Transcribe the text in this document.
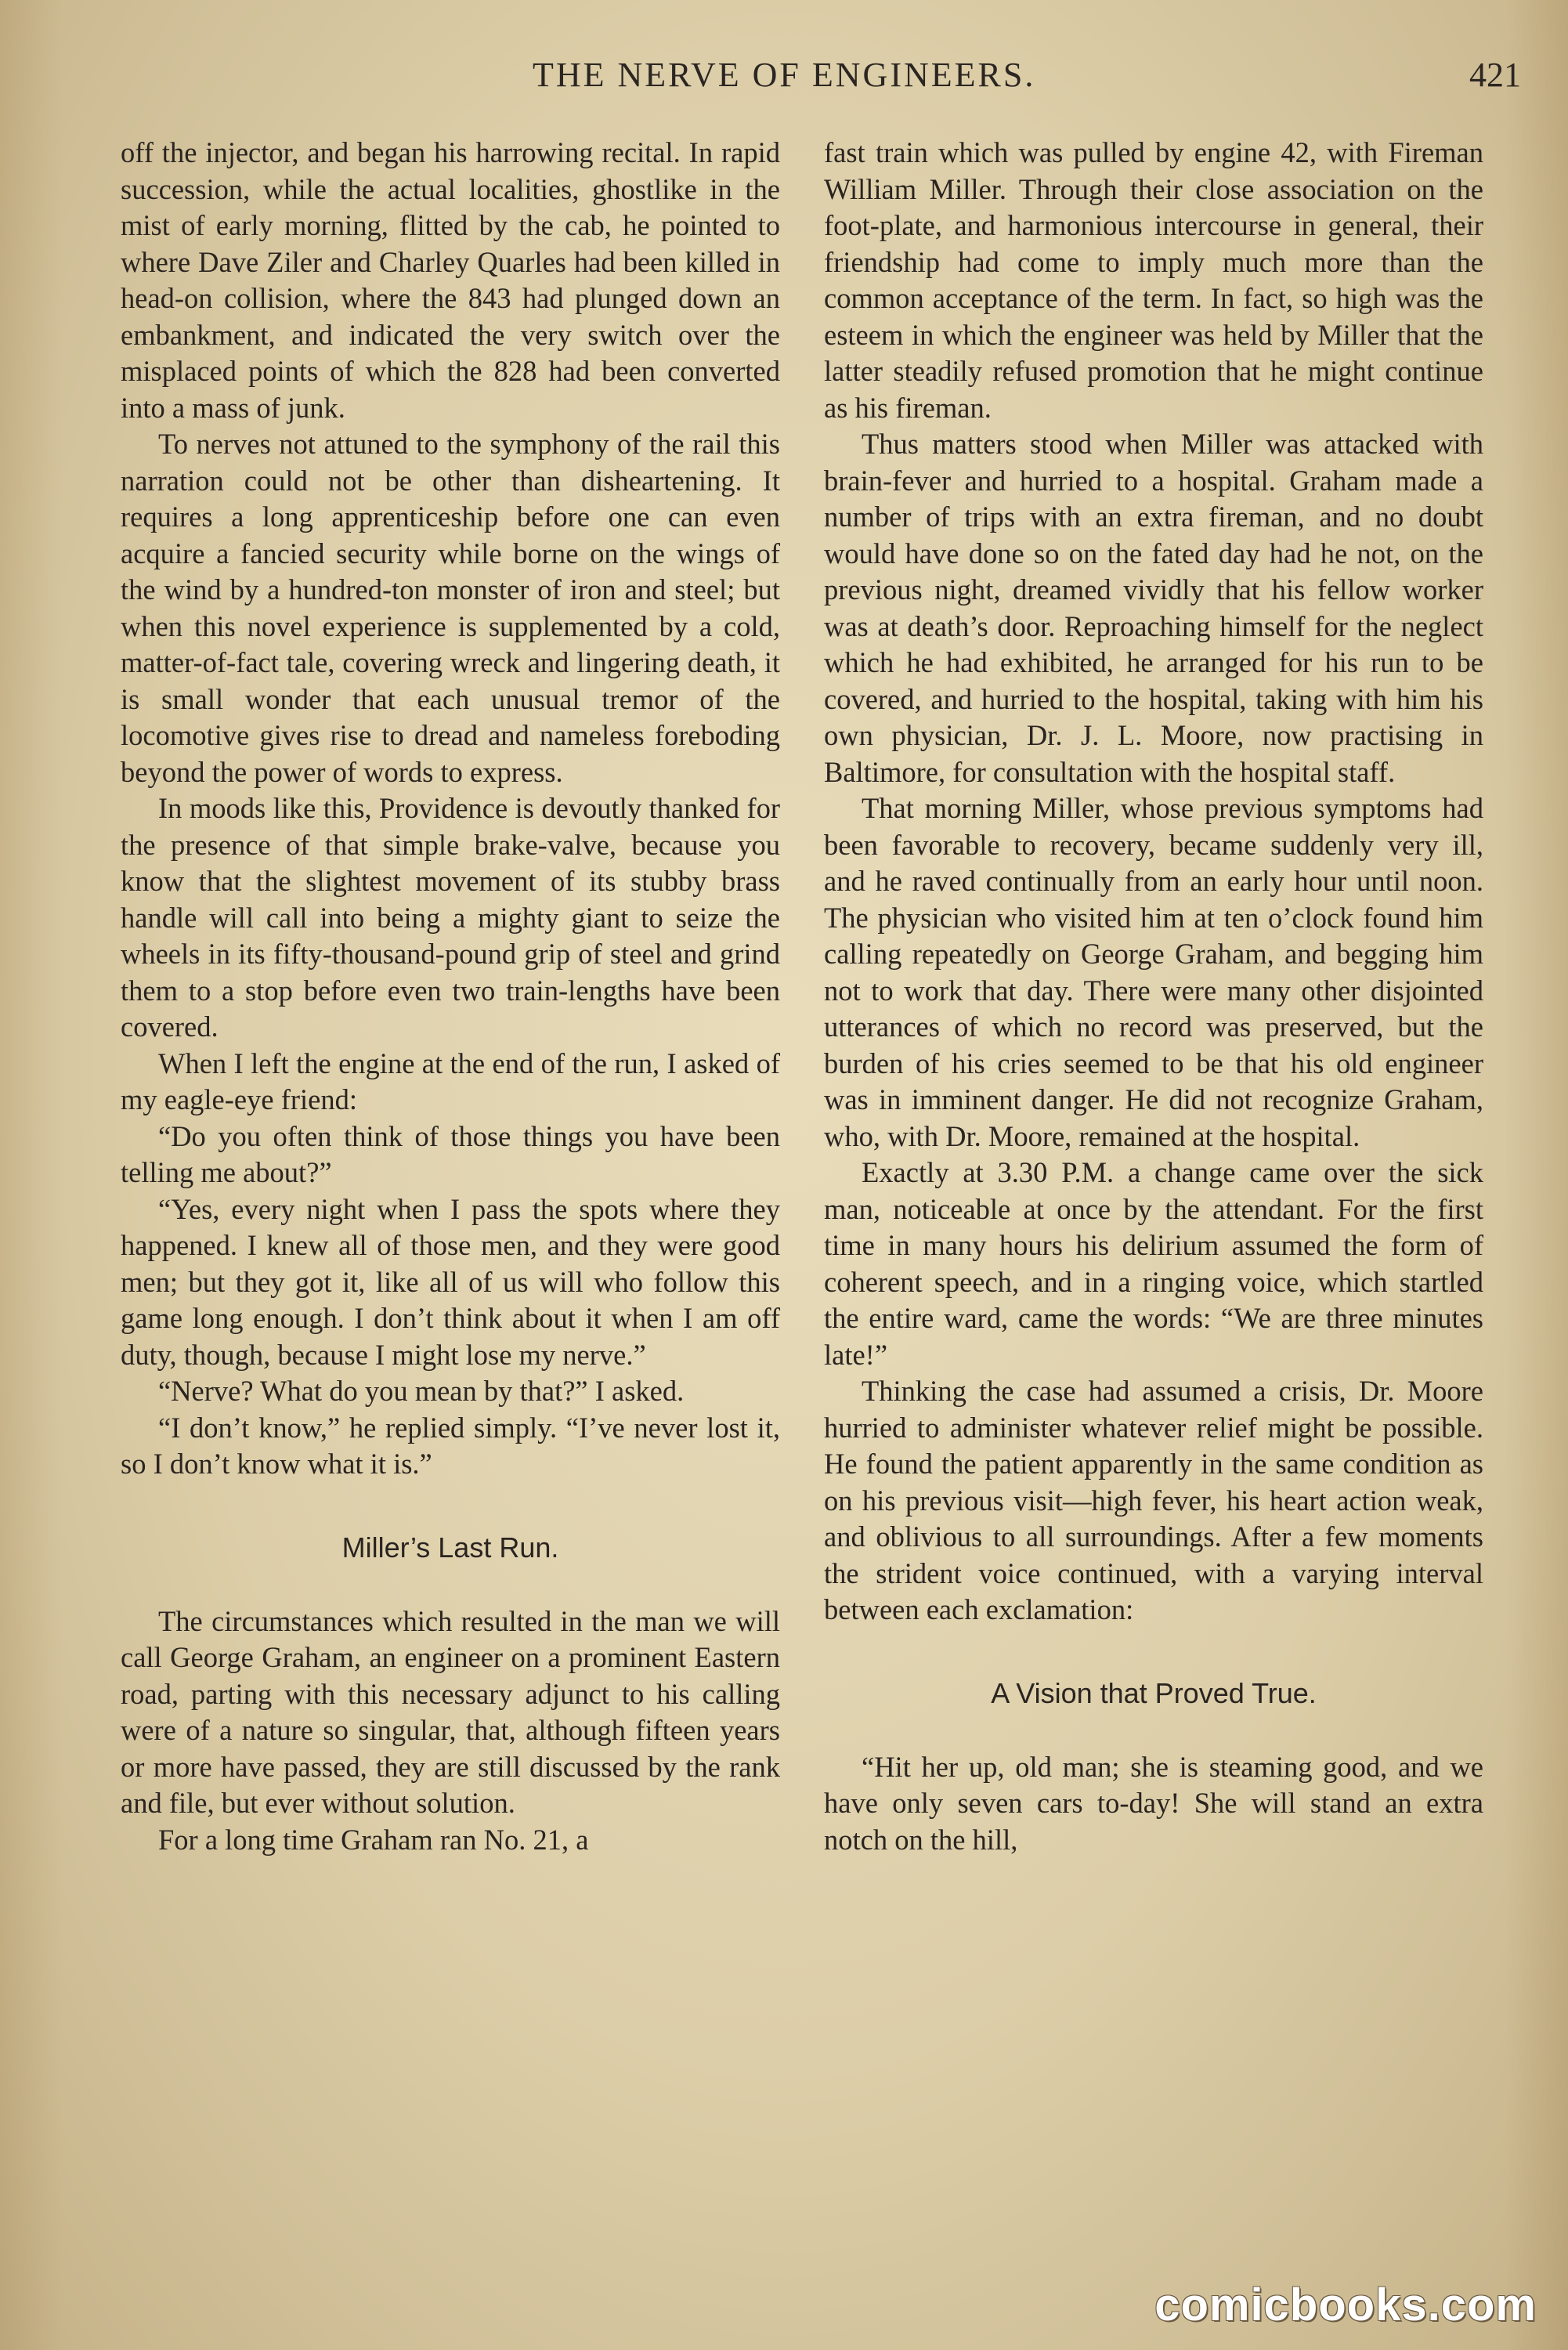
THE NERVE OF ENGINEERS.	421

off the injector, and began his harrowing recital. In rapid succession, while the actual localities, ghostlike in the mist of early morning, flitted by the cab, he pointed to where Dave Ziler and Charley Quarles had been killed in head-on collision, where the 843 had plunged down an embankment, and indicated the very switch over the misplaced points of which the 828 had been converted into a mass of junk.

To nerves not attuned to the symphony of the rail this narration could not be other than disheartening. It requires a long apprenticeship before one can even acquire a fancied security while borne on the wings of the wind by a hundred-ton monster of iron and steel; but when this novel experience is supplemented by a cold, matter-of-fact tale, covering wreck and lingering death, it is small wonder that each unusual tremor of the locomotive gives rise to dread and nameless foreboding beyond the power of words to express.

In moods like this, Providence is devoutly thanked for the presence of that simple brake-valve, because you know that the slightest movement of its stubby brass handle will call into being a mighty giant to seize the wheels in its fifty-thousand-pound grip of steel and grind them to a stop before even two train-lengths have been covered.

When I left the engine at the end of the run, I asked of my eagle-eye friend:

“Do you often think of those things you have been telling me about?”

“Yes, every night when I pass the spots where they happened. I knew all of those men, and they were good men; but they got it, like all of us will who follow this game long enough. I don’t think about it when I am off duty, though, because I might lose my nerve.”

“Nerve? What do you mean by that?” I asked.

“I don’t know,” he replied simply. “I’ve never lost it, so I don’t know what it is.”

Miller’s Last Run.

The circumstances which resulted in the man we will call George Graham, an engineer on a prominent Eastern road, parting with this necessary adjunct to his calling were of a nature so singular, that, although fifteen years or more have passed, they are still discussed by the rank and file, but ever without solution.

For a long time Graham ran No. 21, a

fast train which was pulled by engine 42, with Fireman William Miller. Through their close association on the foot-plate, and harmonious intercourse in general, their friendship had come to imply much more than the common acceptance of the term. In fact, so high was the esteem in which the engineer was held by Miller that the latter steadily refused promotion that he might continue as his fireman.

Thus matters stood when Miller was attacked with brain-fever and hurried to a hospital. Graham made a number of trips with an extra fireman, and no doubt would have done so on the fated day had he not, on the previous night, dreamed vividly that his fellow worker was at death’s door. Reproaching himself for the neglect which he had exhibited, he arranged for his run to be covered, and hurried to the hospital, taking with him his own physician, Dr. J. L. Moore, now practising in Baltimore, for consultation with the hospital staff.

That morning Miller, whose previous symptoms had been favorable to recovery, became suddenly very ill, and he raved continually from an early hour until noon. The physician who visited him at ten o’clock found him calling repeatedly on George Graham, and begging him not to work that day. There were many other disjointed utterances of which no record was preserved, but the burden of his cries seemed to be that his old engineer was in imminent danger. He did not recognize Graham, who, with Dr. Moore, remained at the hospital.

Exactly at 3.30 P.M. a change came over the sick man, noticeable at once by the attendant. For the first time in many hours his delirium assumed the form of coherent speech, and in a ringing voice, which startled the entire ward, came the words: “We are three minutes late!”

Thinking the case had assumed a crisis, Dr. Moore hurried to administer whatever relief might be possible. He found the patient apparently in the same condition as on his previous visit—high fever, his heart action weak, and oblivious to all surroundings. After a few moments the strident voice continued, with a varying interval between each exclamation:

A Vision that Proved True.

“Hit her up, old man; she is steaming good, and we have only seven cars to-day! She will stand an extra notch on the hill,

comicbooks.com
